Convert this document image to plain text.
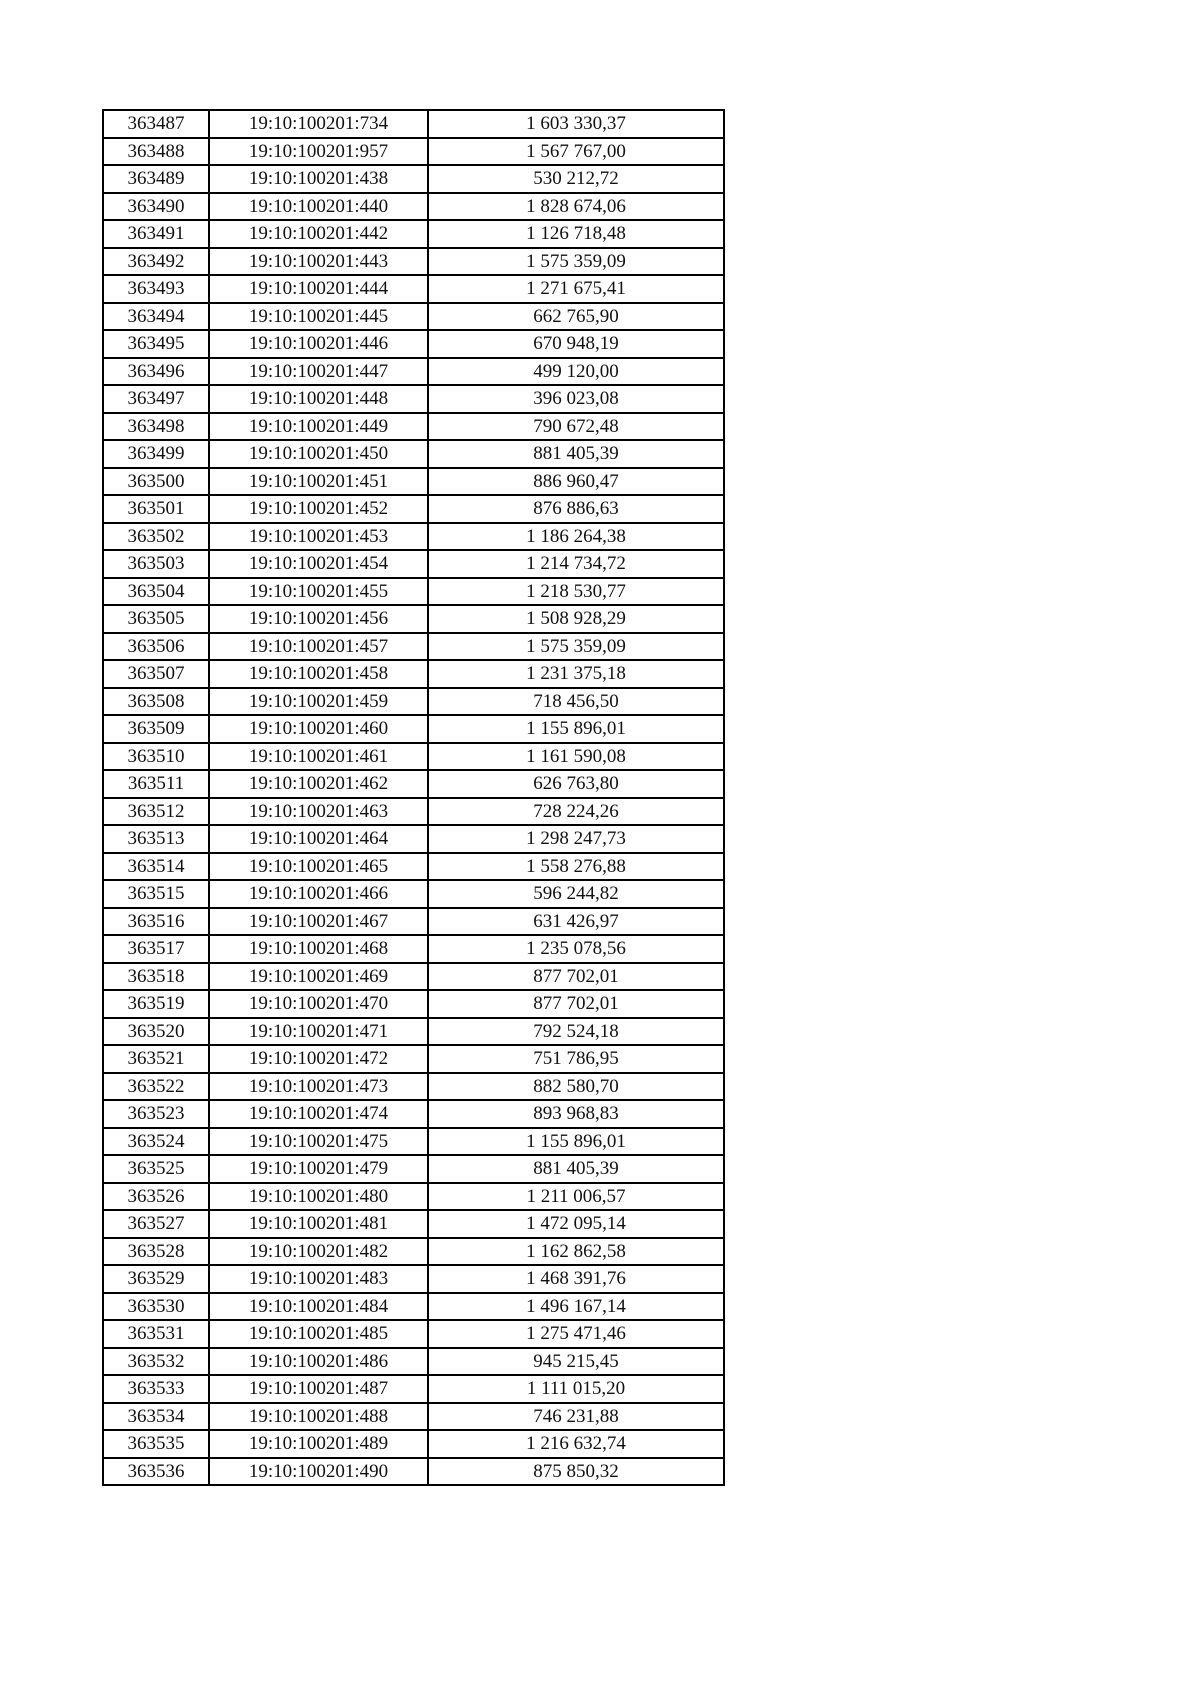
363487	19:10:100201:734	1 603 330,37
363488	19:10:100201:957	1 567 767,00
363489	19:10:100201:438	530 212,72
363490	19:10:100201:440	1 828 674,06
363491	19:10:100201:442	1 126 718,48
363492	19:10:100201:443	1 575 359,09
363493	19:10:100201:444	1 271 675,41
363494	19:10:100201:445	662 765,90
363495	19:10:100201:446	670 948,19
363496	19:10:100201:447	499 120,00
363497	19:10:100201:448	396 023,08
363498	19:10:100201:449	790 672,48
363499	19:10:100201:450	881 405,39
363500	19:10:100201:451	886 960,47
363501	19:10:100201:452	876 886,63
363502	19:10:100201:453	1 186 264,38
363503	19:10:100201:454	1 214 734,72
363504	19:10:100201:455	1 218 530,77
363505	19:10:100201:456	1 508 928,29
363506	19:10:100201:457	1 575 359,09
363507	19:10:100201:458	1 231 375,18
363508	19:10:100201:459	718 456,50
363509	19:10:100201:460	1 155 896,01
363510	19:10:100201:461	1 161 590,08
363511	19:10:100201:462	626 763,80
363512	19:10:100201:463	728 224,26
363513	19:10:100201:464	1 298 247,73
363514	19:10:100201:465	1 558 276,88
363515	19:10:100201:466	596 244,82
363516	19:10:100201:467	631 426,97
363517	19:10:100201:468	1 235 078,56
363518	19:10:100201:469	877 702,01
363519	19:10:100201:470	877 702,01
363520	19:10:100201:471	792 524,18
363521	19:10:100201:472	751 786,95
363522	19:10:100201:473	882 580,70
363523	19:10:100201:474	893 968,83
363524	19:10:100201:475	1 155 896,01
363525	19:10:100201:479	881 405,39
363526	19:10:100201:480	1 211 006,57
363527	19:10:100201:481	1 472 095,14
363528	19:10:100201:482	1 162 862,58
363529	19:10:100201:483	1 468 391,76
363530	19:10:100201:484	1 496 167,14
363531	19:10:100201:485	1 275 471,46
363532	19:10:100201:486	945 215,45
363533	19:10:100201:487	1 111 015,20
363534	19:10:100201:488	746 231,88
363535	19:10:100201:489	1 216 632,74
363536	19:10:100201:490	875 850,32
